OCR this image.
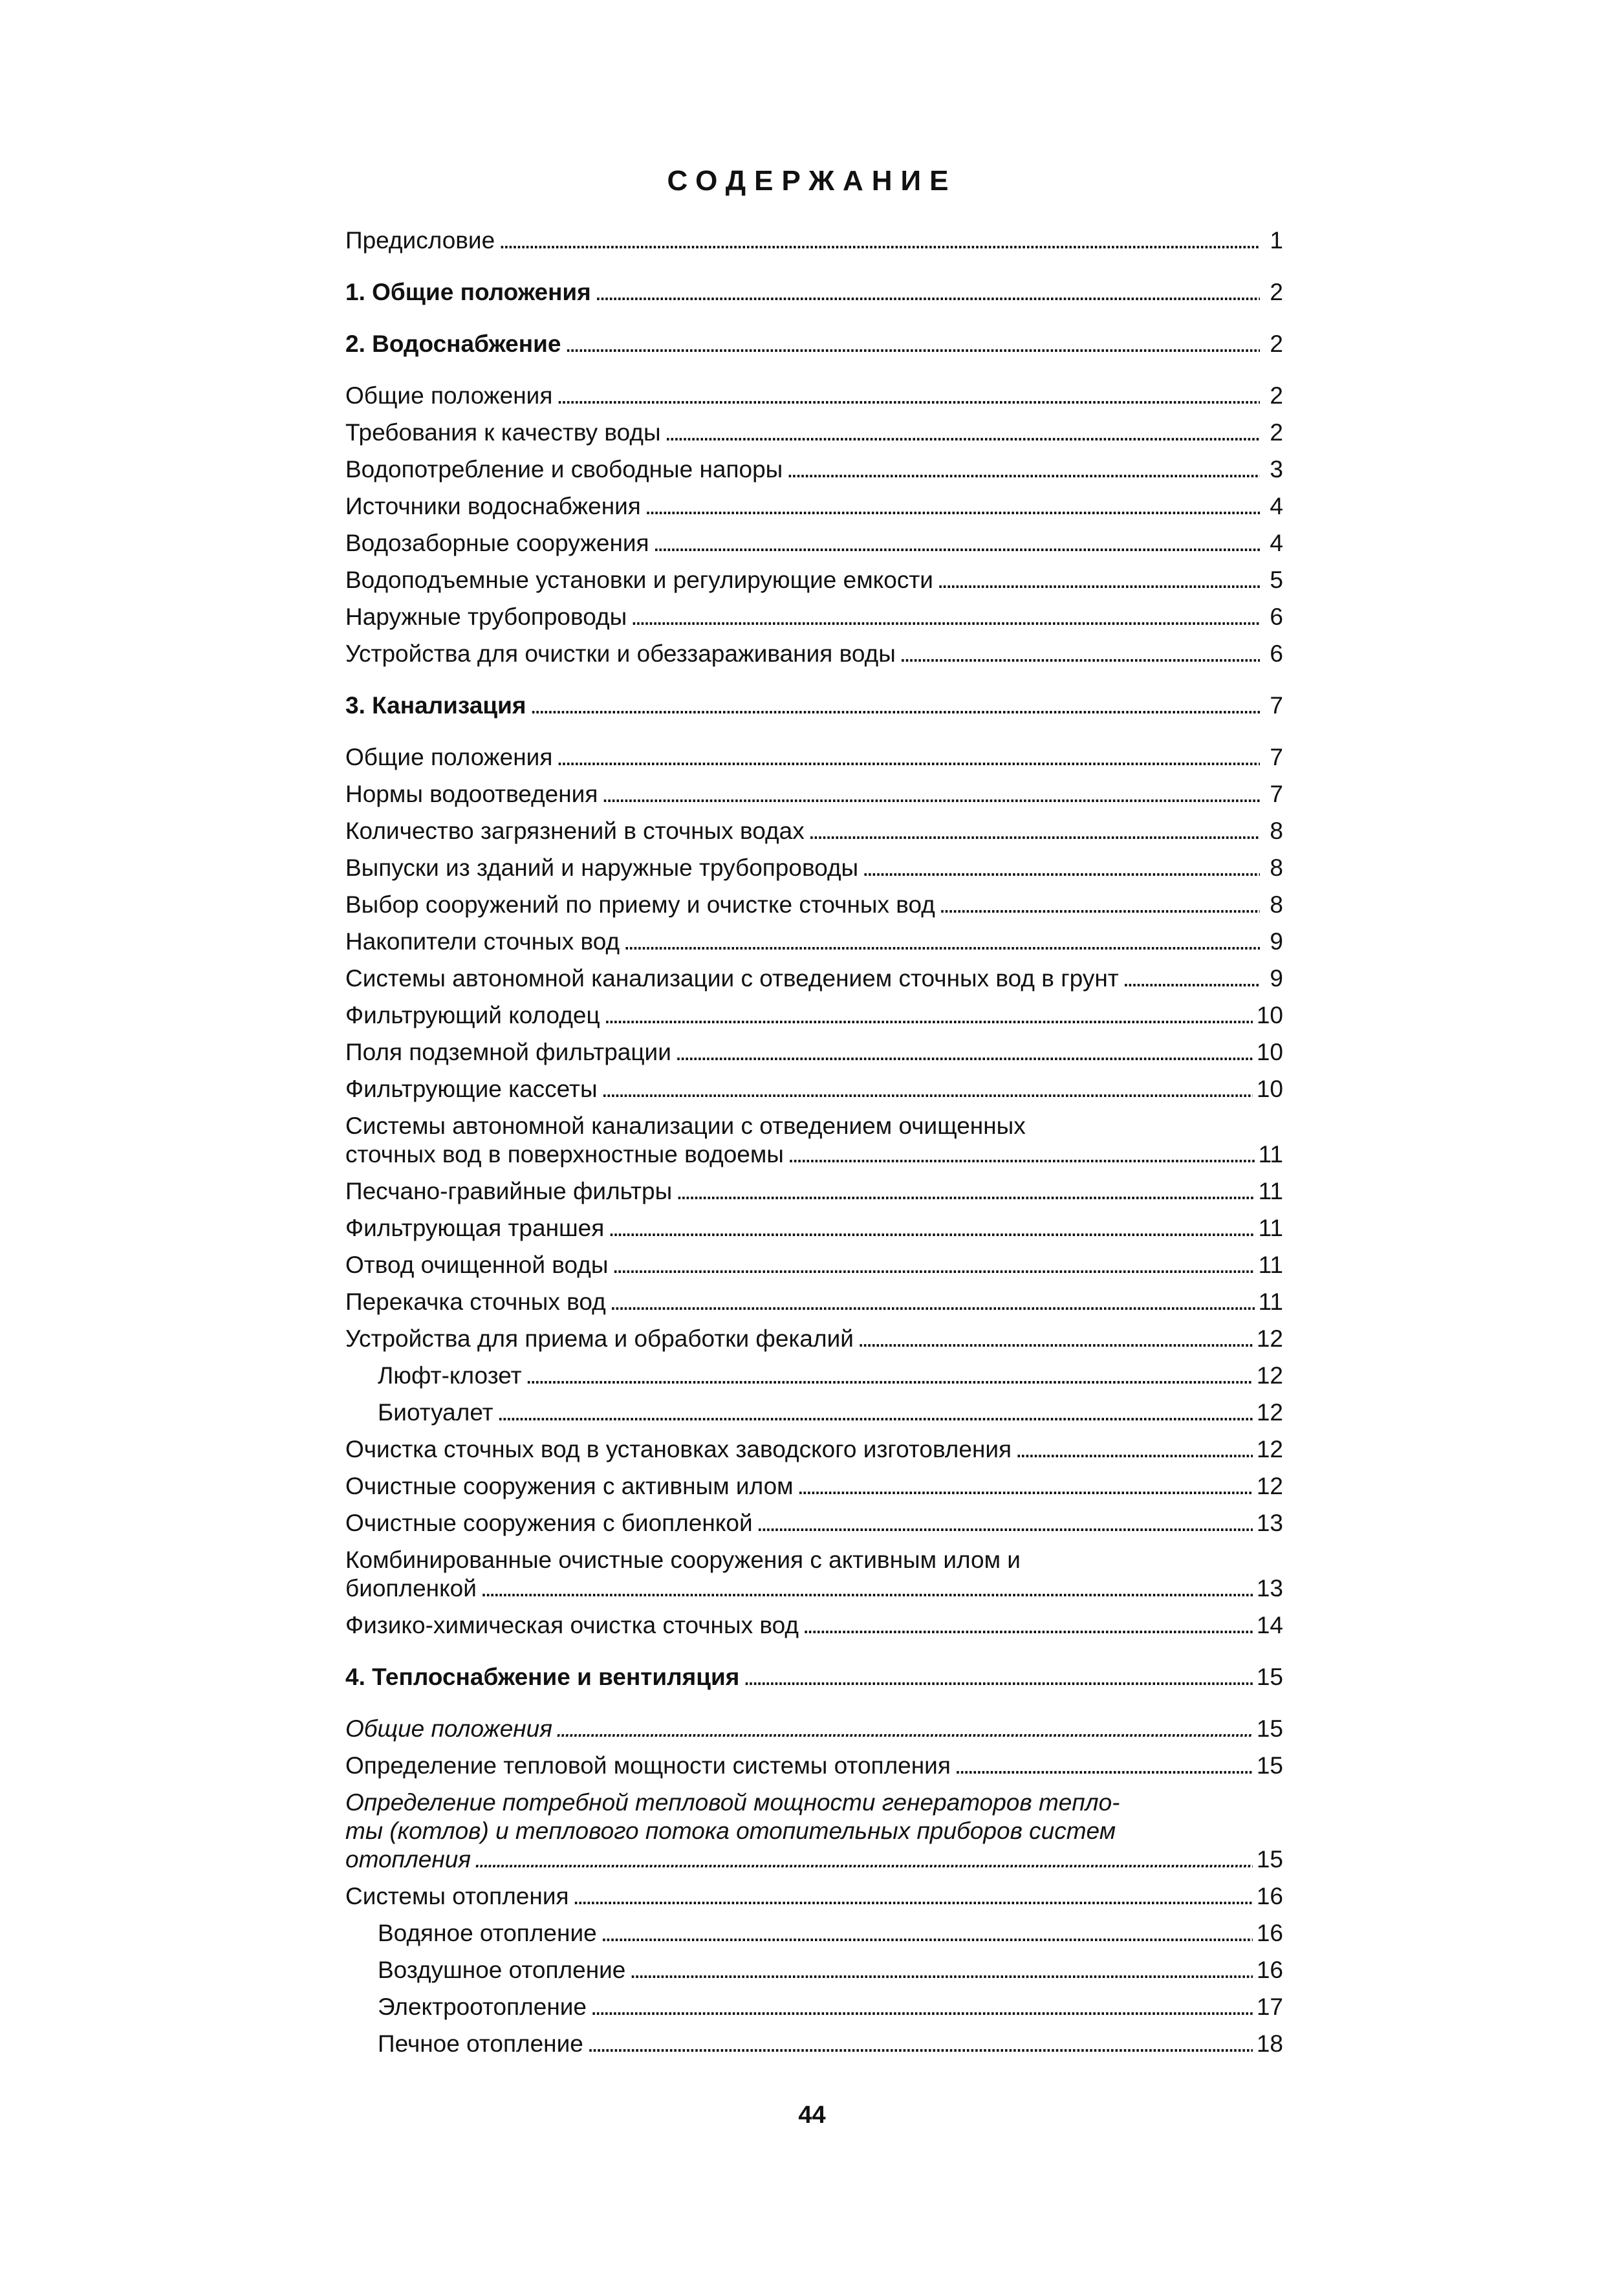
СОДЕРЖАНИЕ
Предисловие . . .	1
1. Общие положения . . .	2
2. Водоснабжение . . .	2
Общие положения . . .	2
Требования к качеству воды . . .	2
Водопотребление и свободные напоры . . .	3
Источники водоснабжения . . .	4
Водозаборные сооружения . . .	4
Водоподъемные установки и регулирующие емкости . . .	5
Наружные трубопроводы . . .	6
Устройства для очистки и обеззараживания воды . . .	6
3. Канализация . . .	7
Общие положения . . .	7
Нормы водоотведения . . .	7
Количество загрязнений в сточных водах . . .	8
Выпуски из зданий и наружные трубопроводы . . .	8
Выбор сооружений по приему и очистке сточных вод . . .	8
Накопители сточных вод . . .	9
Системы автономной канализации с отведением сточных вод в грунт . . .	9
Фильтрующий колодец . . .	10
Поля подземной фильтрации . . .	10
Фильтрующие кассеты . . .	10
Системы автономной канализации с отведением очищенных
сточных вод в поверхностные водоемы . . .	11
Песчано-гравийные фильтры . . .	11
Фильтрующая траншея . . .	11
Отвод очищенной воды . . .	11
Перекачка сточных вод . . .	11
Устройства для приема и обработки фекалий . . .	12
Люфт-клозет . . .	12
Биотуалет . . .	12
Очистка сточных вод в установках заводского изготовления . . .	12
Очистные сооружения с активным илом . . .	12
Очистные сооружения с биопленкой . . .	13
Комбинированные очистные сооружения с активным илом и
биопленкой . . .	13
Физико-химическая очистка сточных вод . . .	14
4. Теплоснабжение и вентиляция . . .	15
Общие положения . . .	15
Определение тепловой мощности системы отопления . . .	15
Определение потребной тепловой мощности генераторов тепло-
ты (котлов) и теплового потока отопительных приборов систем
отопления . . .	15
Системы отопления . . .	16
Водяное отопление . . .	16
Воздушное отопление . . .	16
Электроотопление . . .	17
Печное отопление . . .	18
44
